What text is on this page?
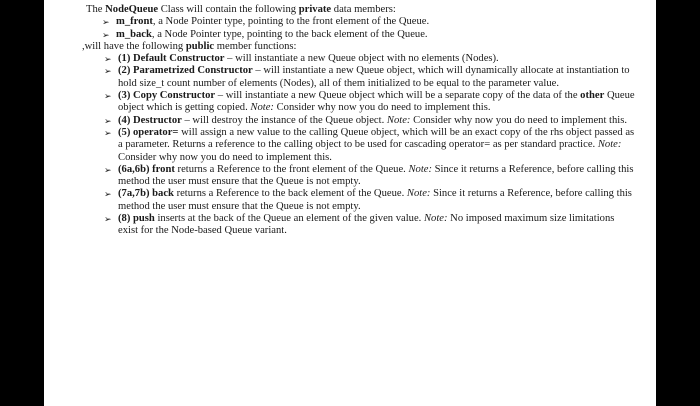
The NodeQueue Class will contain the following private data members:
➢ m_front, a Node Pointer type, pointing to the front element of the Queue.
➢ m_back, a Node Pointer type, pointing to the back element of the Queue.
,will have the following public member functions:
➢ (1) Default Constructor – will instantiate a new Queue object with no elements (Nodes).
➢ (2) Parametrized Constructor – will instantiate a new Queue object, which will dynamically allocate at instantiation to hold size_t count number of elements (Nodes), all of them initialized to be equal to the parameter value.
➢ (3) Copy Constructor – will instantiate a new Queue object which will be a separate copy of the data of the other Queue object which is getting copied. Note: Consider why now you do need to implement this.
➢ (4) Destructor – will destroy the instance of the Queue object. Note: Consider why now you do need to implement this.
➢ (5) operator= will assign a new value to the calling Queue object, which will be an exact copy of the rhs object passed as a parameter. Returns a reference to the calling object to be used for cascading operator= as per standard practice. Note: Consider why now you do need to implement this.
➢ (6a,6b) front returns a Reference to the front element of the Queue. Note: Since it returns a Reference, before calling this method the user must ensure that the Queue is not empty.
➢ (7a,7b) back returns a Reference to the back element of the Queue. Note: Since it returns a Reference, before calling this method the user must ensure that the Queue is not empty.
➢ (8) push inserts at the back of the Queue an element of the given value. Note: No imposed maximum size limitations exist for the Node-based Queue variant.
